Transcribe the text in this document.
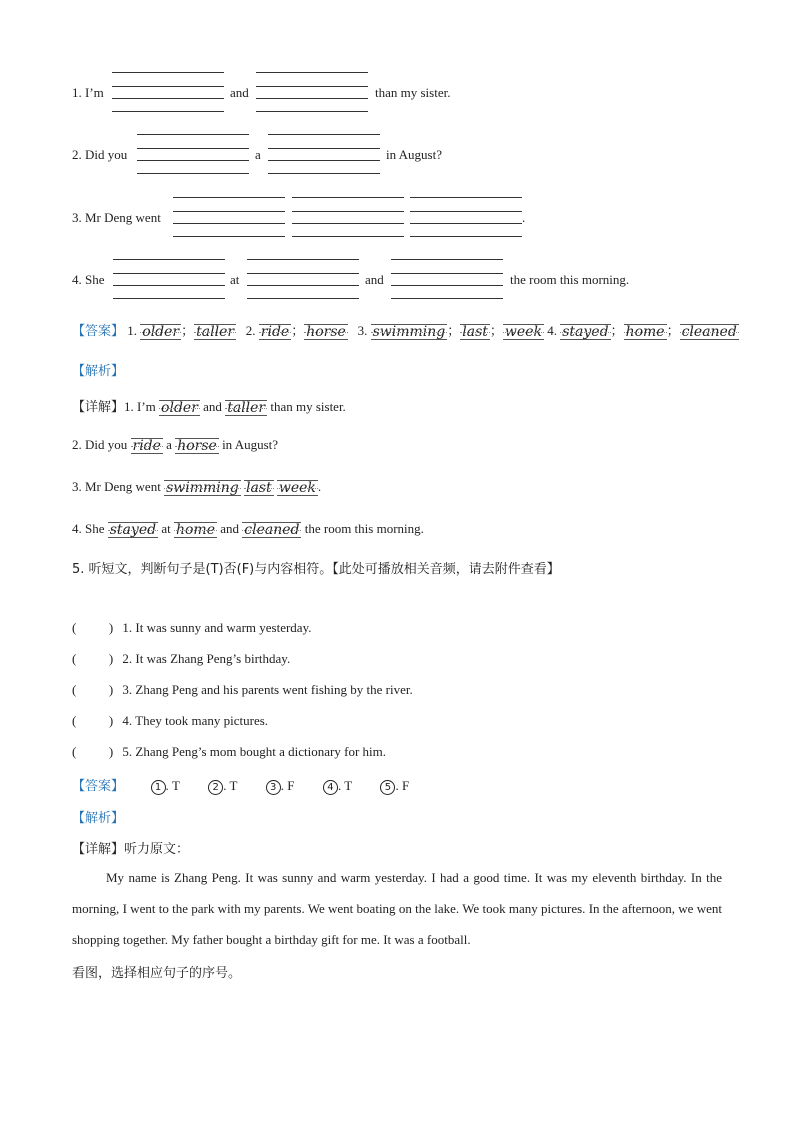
1. I’m	and	than my sister.
2. Did you	a	in August?
3. Mr Deng went	.
4. She	at	and	the room this morning.
【答案】 1. older ； taller 2. ride ； horse 3. swimming ； last ； week 4. stayed ； home ； cleaned
【解析】
【详解】1. I’m older and taller than my sister.
2. Did you ride a horse in August?
3. Mr Deng went swimming last week .
4. She stayed at home and cleaned the room this morning.
5. 听短文，判断句子是(T)否(F)与内容相符。【此处可播放相关音频，请去附件查看】
(          ) 1. It was sunny and warm yesterday.
(          ) 2. It was Zhang Peng’s birthday.
(          ) 3. Zhang Peng and his parents went fishing by the river.
(          ) 4. They took many pictures.
(          ) 5. Zhang Peng’s mom bought a dictionary for him.
【答案】	1 . T	2 . T	3 . F	4 . T	5 . F
【解析】
【详解】听力原文：
My name is Zhang Peng. It was sunny and warm yesterday. I had a good time. It was my eleventh birthday. In the morning, I went to the park with my parents. We went boating on the lake. We took many pictures. In the afternoon, we went shopping together. My father bought a birthday gift for me. It was a football.
看图，选择相应句子的序号。
